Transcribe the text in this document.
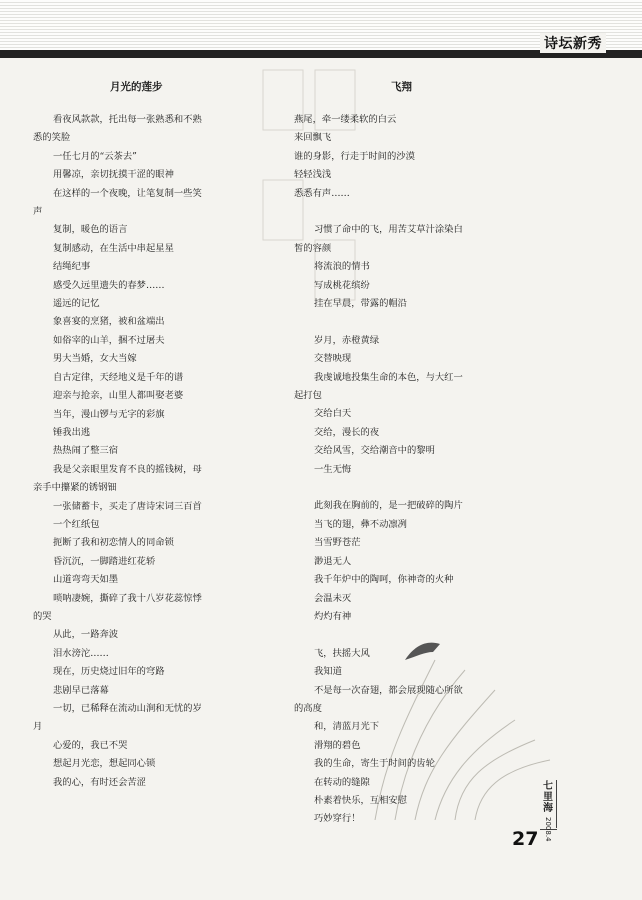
诗坛新秀
月光的莲步
看夜风款款，托出每一张熟悉和不熟
悉的笑脸
一任七月的“云茶去”
用馨凉，亲切抚摸干涩的眼神
在这样的一个夜晚，让笔复制一些笑
声
复制，暖色的语言
复制感动，在生活中串起星星
结绳纪事
感受久远里遗失的春梦……
遥远的记忆
象喜宴的烹猪，被和盆端出
如俗宰的山羊，捆不过屠夫
男大当婚，女大当嫁
自古定律，天经地义是千年的谱
迎亲与抢亲，山里人都叫娶老婆
当年，漫山锣与无字的彩旗
锤我出逃
热热闹了整三宿
我是父亲眼里发育不良的摇钱树，母
亲手中攥紧的锈钢钿
一张储蓄卡，买走了唐诗宋词三百首
一个红纸包
扼断了我和初恋情人的同命锁
昏沉沉，一脚踏进红花轿
山道弯弯天如墨
唢呐凄婉，撕碎了我十八岁花蕊惊悸
的哭
从此，一路奔波
泪水滂沱……
现在，历史烧过旧年的穹路
悲剧早已落幕
一切，已稀释在流动山涧和无忧的岁
月
心爱的，我已不哭
想起月光恋，想起同心锁
我的心，有时还会苦涩
飞翔
燕尾，牵一缕柔软的白云
来回飘飞
谁的身影，行走于时间的沙漠
轻轻浅浅
悉悉有声……
习惯了命中的飞，用苦艾草汁涂染白
皙的容颜
将流浪的情书
写成桃花缤纷
挂在早晨，带露的帽沿
岁月，赤橙黄绿
交替映现
我虔诚地投集生命的本色，与大红一
起打包
交给白天
交给，漫长的夜
交给风雪，交给潮音中的黎明
一生无悔
此刻我在胸前的，是一把破碎的陶片
当飞的翅，彝不动凛冽
当雪野苍茫
渺退无人
我千年炉中的陶呵，你神奇的火种
会温未灭
灼灼有神
飞，扶摇大风
我知道
不是每一次奋翅，都会展现随心所欲
的高度
和，清蓝月光下
滑翔的碧色
我的生命，寄生于时间的齿轮
在转动的缝隙
朴素着快乐，互相安慰
巧妙穿行！
七里海
2008.4
27
